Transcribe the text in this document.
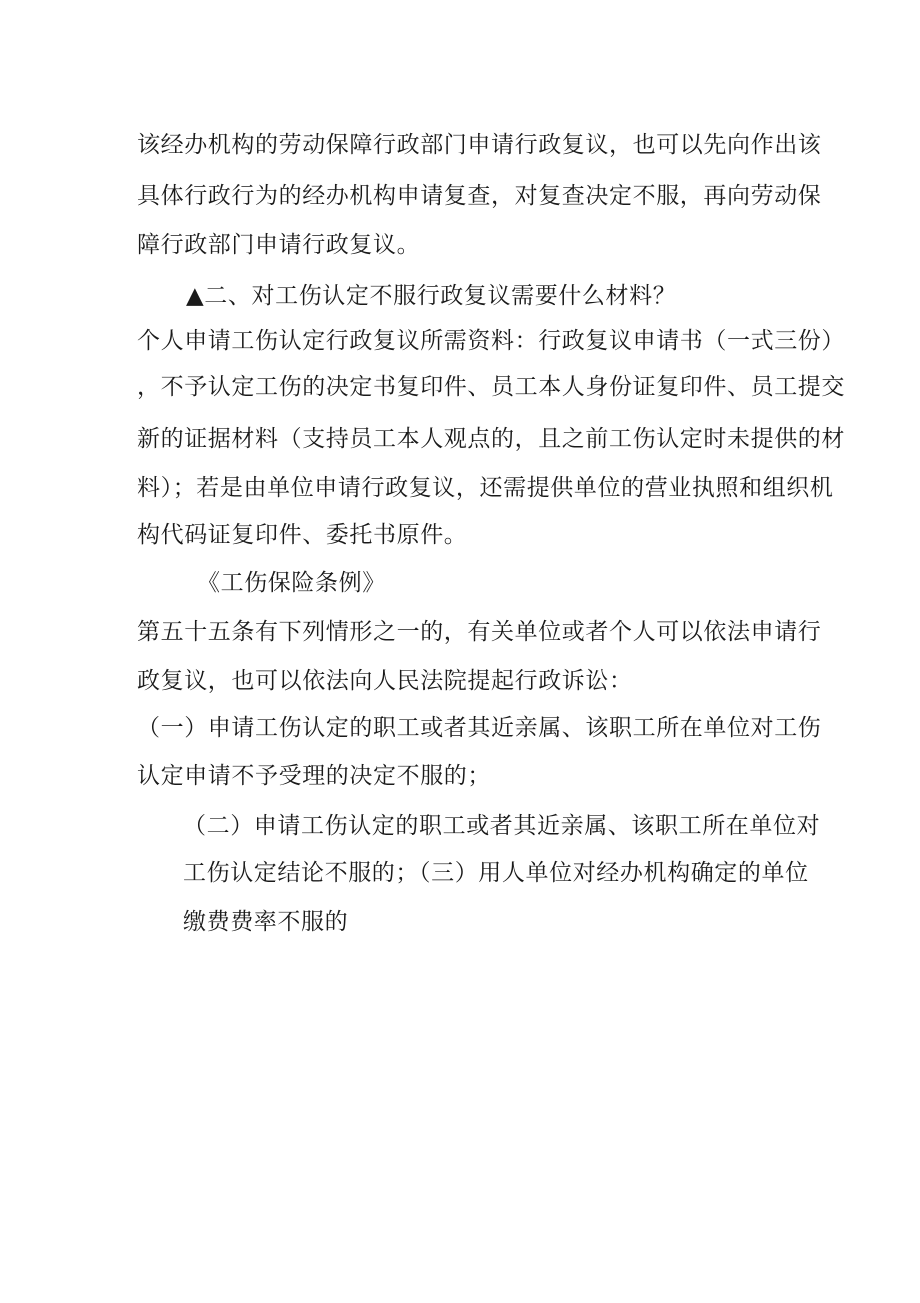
该经办机构的劳动保障行政部门申请行政复议，也可以先向作出该
具体行政行为的经办机构申请复查，对复查决定不服，再向劳动保
障行政部门申请行政复议。
▲二、对工伤认定不服行政复议需要什么材料？
个人申请工伤认定行政复议所需资料：行政复议申请书（一式三份）
，不予认定工伤的决定书复印件、员工本人身份证复印件、员工提交
新的证据材料（支持员工本人观点的，且之前工伤认定时未提供的材
料）；若是由单位申请行政复议，还需提供单位的营业执照和组织机
构代码证复印件、委托书原件。
《工伤保险条例》
第五十五条有下列情形之一的，有关单位或者个人可以依法申请行
政复议，也可以依法向人民法院提起行政诉讼：
（一）申请工伤认定的职工或者其近亲属、该职工所在单位对工伤
认定申请不予受理的决定不服的；
（二）申请工伤认定的职工或者其近亲属、该职工所在单位对
工伤认定结论不服的；（三）用人单位对经办机构确定的单位
缴费费率不服的
